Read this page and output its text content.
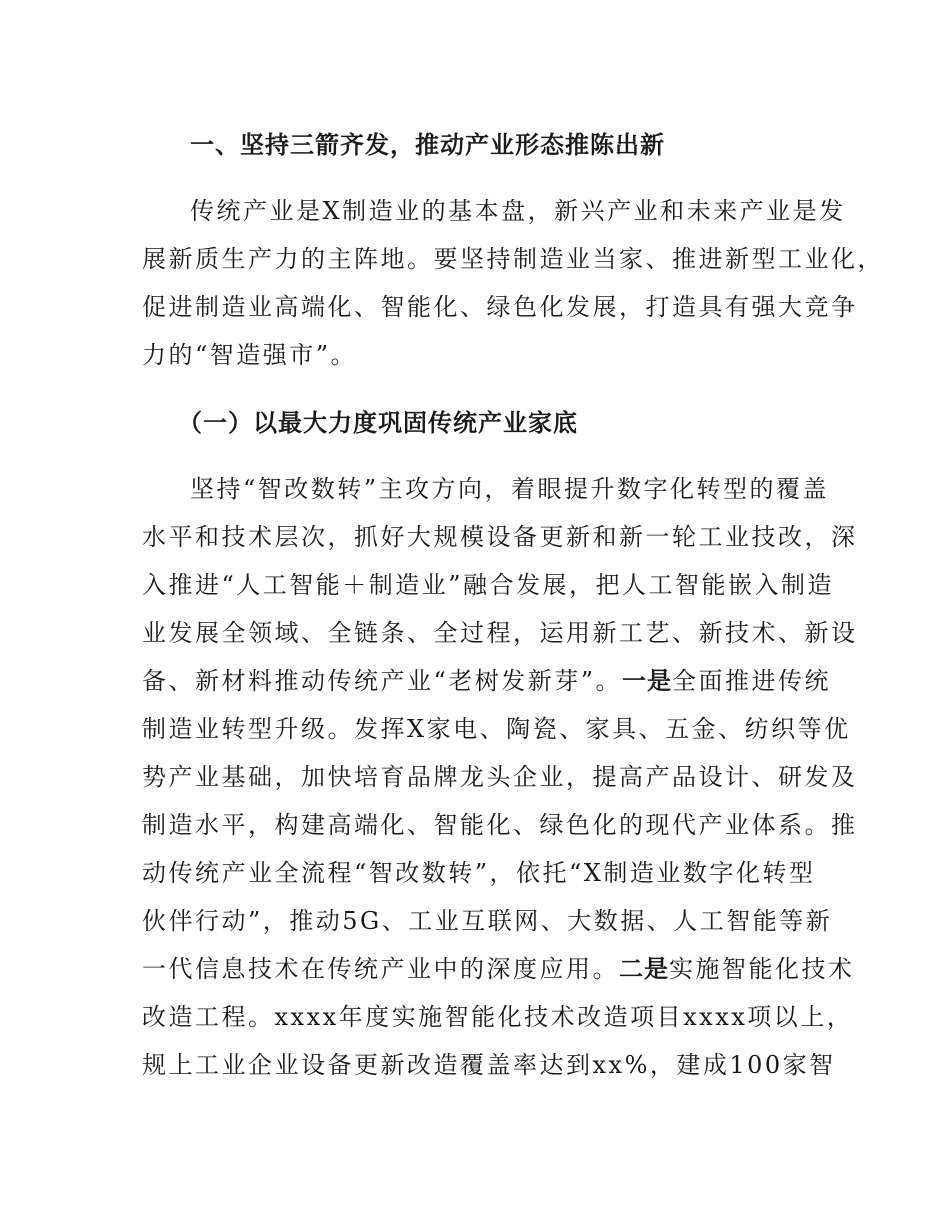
一、坚持三箭齐发，推动产业形态推陈出新
传统产业是X制造业的基本盘，新兴产业和未来产业是发
展新质生产力的主阵地。要坚持制造业当家、推进新型工业化，
促进制造业高端化、智能化、绿色化发展，打造具有强大竞争
力的“智造强市”。
（一）以最大力度巩固传统产业家底
坚持“智改数转”主攻方向，着眼提升数字化转型的覆盖
水平和技术层次，抓好大规模设备更新和新一轮工业技改，深
入推进“人工智能＋制造业”融合发展，把人工智能嵌入制造
业发展全领域、全链条、全过程，运用新工艺、新技术、新设
备、新材料推动传统产业“老树发新芽”。一是全面推进传统
制造业转型升级。发挥X家电、陶瓷、家具、五金、纺织等优
势产业基础，加快培育品牌龙头企业，提高产品设计、研发及
制造水平，构建高端化、智能化、绿色化的现代产业体系。推
动传统产业全流程“智改数转”，依托“X制造业数字化转型
伙伴行动”，推动5G、工业互联网、大数据、人工智能等新
一代信息技术在传统产业中的深度应用。二是实施智能化技术
改造工程。xxxx年度实施智能化技术改造项目xxxx项以上，
规上工业企业设备更新改造覆盖率达到xx%，建成100家智
